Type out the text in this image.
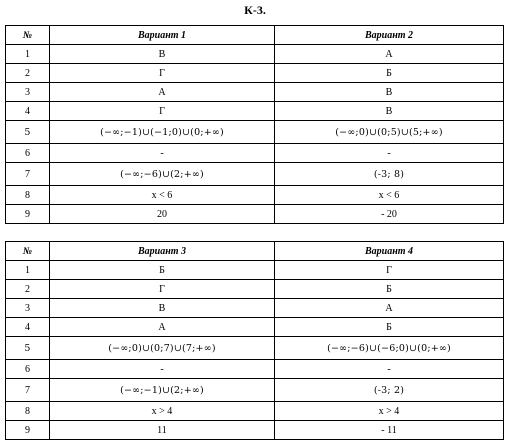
К-3.
№	Вариант 1	Вариант 2
1	В	А
2	Г	Б
3	А	В
4	Г	В
5	(−∞;−1)∪(−1;0)∪(0;+∞)	(−∞;0)∪(0;5)∪(5;+∞)
6	-	-
7	(−∞;−6)∪(2;+∞)	(-3; 8)
8	x < 6	x < 6
9	20	- 20
№	Вариант 3	Вариант 4
1	Б	Г
2	Г	Б
3	В	А
4	А	Б
5	(−∞;0)∪(0;7)∪(7;+∞)	(−∞;−6)∪(−6;0)∪(0;+∞)
6	-	-
7	(−∞;−1)∪(2;+∞)	(-3; 2)
8	x > 4	x > 4
9	11	- 11
